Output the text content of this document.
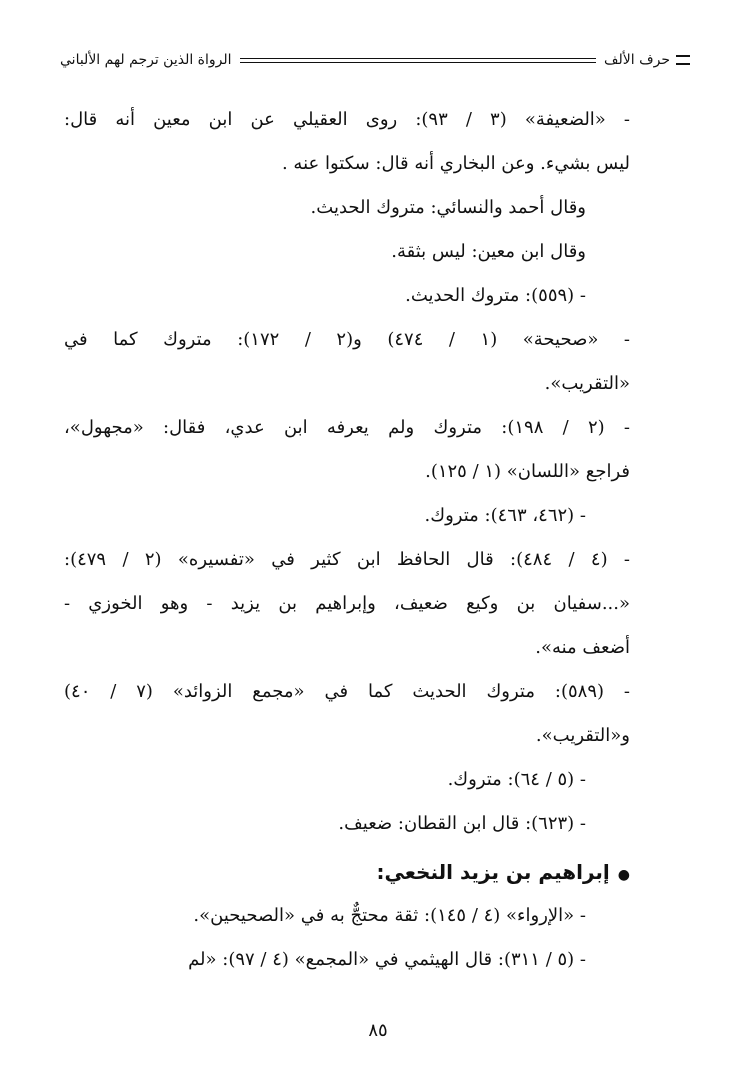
حرف الألف
الرواة الذين ترجم لهم الألباني
- «الضعيفة» (٣ / ٩٣): روى العقيلي عن ابن معين أنه قال:
ليس بشيء. وعن البخاري أنه قال: سكتوا عنه .
وقال أحمد والنسائي: متروك الحديث.
وقال ابن معين: ليس بثقة.
- (٥٥٩): متروك الحديث.
- «صحيحة» (١ / ٤٧٤) و(٢ / ١٧٢): متروك كما في
«التقريب».
- (٢ / ١٩٨): متروك ولم يعرفه ابن عدي، فقال: «مجهول»،
فراجع «اللسان» (١ / ١٢٥).
- (٤٦٢، ٤٦٣): متروك.
- (٤ / ٤٨٤): قال الحافظ ابن كثير في «تفسيره» (٢ / ٤٧٩):
«...سفيان بن وكيع ضعيف، وإبراهيم بن يزيد - وهو الخوزي -
أضعف منه».
- (٥٨٩): متروك الحديث كما في «مجمع الزوائد» (٧ / ٤٠)
و«التقريب».
- (٥ / ٦٤): متروك.
- (٦٢٣): قال ابن القطان: ضعيف.
●إبراهيم بن يزيد النخعي:
- «الإرواء» (٤ / ١٤٥): ثقة محتجٌّ به في «الصحيحين».
- (٥ / ٣١١): قال الهيثمي في «المجمع» (٤ / ٩٧): «لم
٨٥
